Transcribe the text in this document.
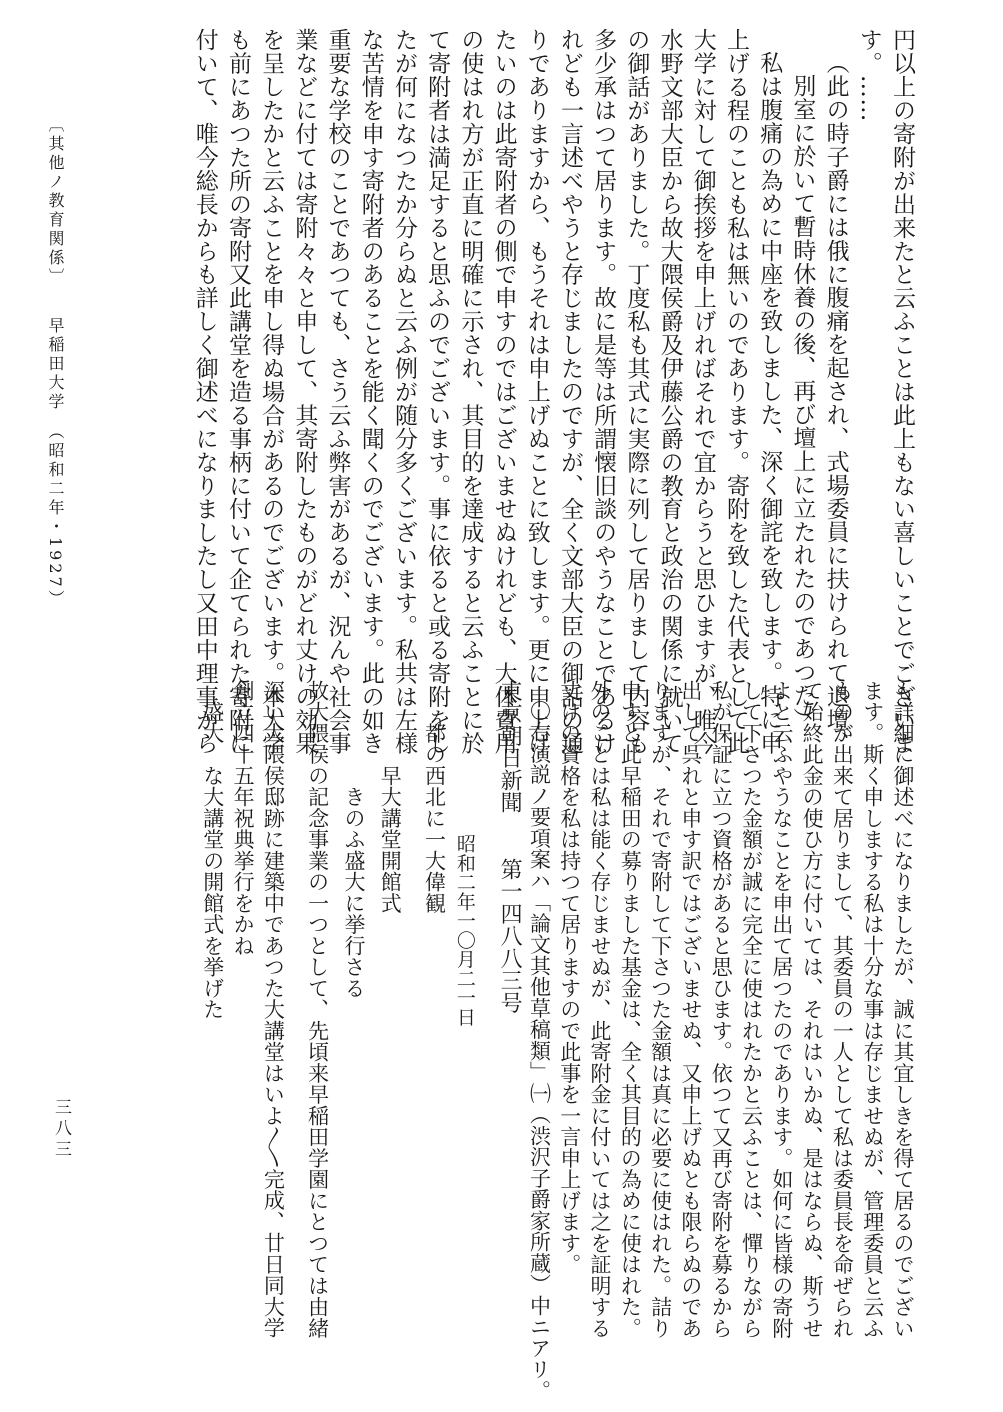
〔其他ノ教育関係〕　　早稲田大学　（昭和二年・1927）	円以上の寄附が出来たと云ふことは此上もない喜しいことでございま

す。……

（此の時子爵には俄に腹痛を起され、式場委員に扶けられて退壇、

別室に於いて暫時休養の後、再び壇上に立たれたのであつた）

私は腹痛の為めに中座を致しました、深く御詫を致します。特に申

上げる程のことも私は無いのであります。寄附を致した代表として此

大学に対して御挨拶を申上げればそれで宜からうと思ひますが、唯今

水野文部大臣から故大隈侯爵及伊藤公爵の教育と政治の関係に就いて

の御話がありました。丁度私も其式に実際に列して居りまして内容も

多少承はつて居ります。故に是等は所謂懐旧談のやうなことであるけ

れども一言述べやうと存じましたのですが、全く文部大臣の御話の通

りでありますから、もうそれは申上げぬことに致します。更に申上げ

たいのは此寄附者の側で申すのではございませぬけれども、大体費用

の使はれ方が正直に明確に示され、其目的を達成すると云ふことに於

て寄附者は満足すると思ふのでございます。事に依ると或る寄附をし

たが何になつたか分らぬと云ふ例が随分多くございます。私共は左様

な苦情を申す寄附者のあることを能く聞くのでございます。此の如き

重要な学校のことであつても、さう云ふ弊害があるが、況んや社会事

業などに付ては寄附々々と申して、其寄附したものがどれ丈けの効果

を呈したかと云ふことを申し得ぬ場合があるのでございます。本大学

も前にあつた所の寄附又此講堂を造る事柄に付いて企てられた寄附に

付いて、唯今総長からも詳しく御述べになりましたし又田中理事から

も詳細に御述べになりましたが、誠に其宜しきを得て居るのでござい

ます。斯く申しまする私は十分な事は存じませぬが、管理委員と云ふ

ものが出来て居りまして、其委員の一人として私は委員長を命ぜられ

て始終此金の使ひ方に付いては、それはいかぬ、是はならぬ、斯うせ

よと云ふやうなことを申出て居つたのであります。如何に皆様の寄附

して下さつた金額が誠に完全に使はれたかと云ふことは、憚りながら

私が保証に立つ資格があると思ひます。依つて又再び寄附を募るから

出して呉れと申す訳ではございませぬ、又申上げぬとも限らぬのであ

りますが、それで寄附して下さつた金額は真に必要に使はれた。詰り

申すと此早稲田の募りました基金は、全く其目的の為めに使はれた。

外のことは私は能く存じませぬが、此寄附金に付いては之を証明する

丈けの資格を私は持つて居りますので此事を一言申上げます。

〇右演説ノ要項案ハ「論文其他草稿類」㈠（渋沢子爵家所蔵）中ニアリ。

東京朝日新聞　　第一四八八三号

　　　　　　　　昭和二年一〇月二一日

　　都の西北に一大偉観

　　　　早大講堂開館式

　　　　　きのふ盛大に挙行さる

故大隈侯の記念事業の一つとして、先頃来早稲田学園にとつては由緒

深い大隈侯邸跡に建築中であつた大講堂はいよ〳〵完成、廿日同大学

創立四十五年祝典挙行をかね

　盛大　な大講堂の開館式を挙げた

三八三
